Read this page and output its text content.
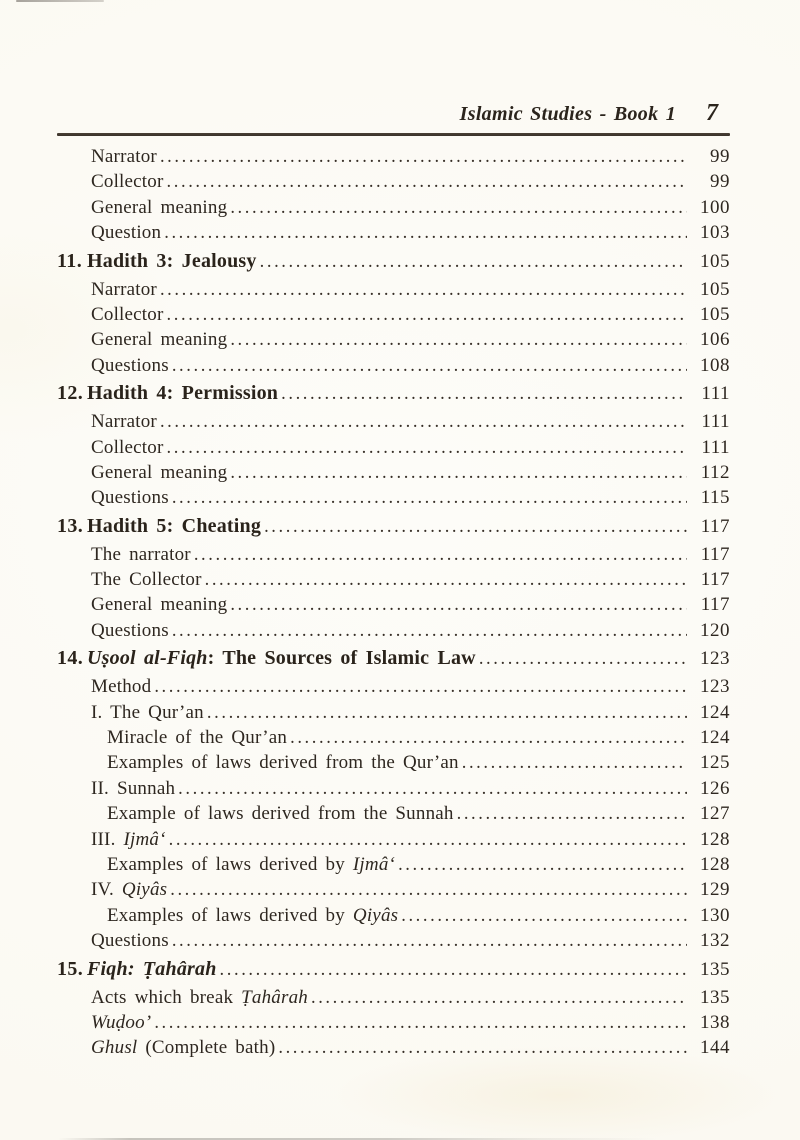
Islamic Studies - Book 1 7
Narrator .....	99
Collector .....	99
General meaning .....	100
Question .....	103
11. Hadith 3: Jealousy .....	105
Narrator .....	105
Collector .....	105
General meaning .....	106
Questions .....	108
12. Hadith 4: Permission .....	111
Narrator .....	111
Collector .....	111
General meaning .....	112
Questions .....	115
13. Hadith 5: Cheating .....	117
The narrator .....	117
The Collector .....	117
General meaning .....	117
Questions .....	120
14. Uṣool al-Fiqh: The Sources of Islamic Law .....	123
Method .....	123
I. The Qur’an .....	124
Miracle of the Qur’an .....	124
Examples of laws derived from the Qur’an .....	125
II. Sunnah .....	126
Example of laws derived from the Sunnah .....	127
III. Ijmâ‘ .....	128
Examples of laws derived by Ijmâ‘ .....	128
IV. Qiyâs .....	129
Examples of laws derived by Qiyâs .....	130
Questions .....	132
15. Fiqh: Ṭahârah .....	135
Acts which break Ṭahârah .....	135
Wuḍoo’ .....	138
Ghusl (Complete bath) .....	144
